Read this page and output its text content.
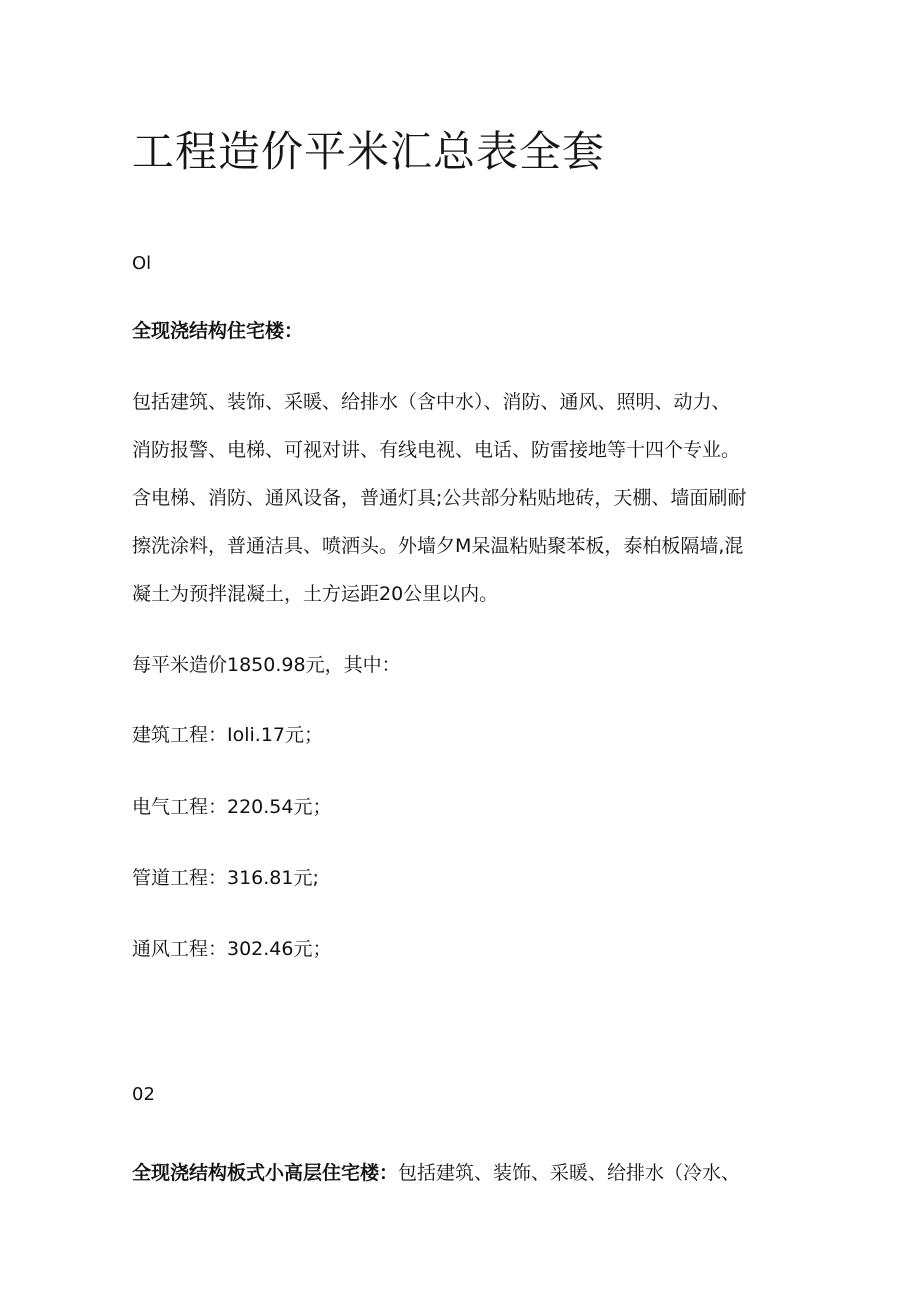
工程造价平米汇总表全套
Ol
全现浇结构住宅楼：
包括建筑、装饰、采暖、给排水（含中水）、消防、通风、照明、动力、
消防报警、电梯、可视对讲、有线电视、电话、防雷接地等十四个专业。
含电梯、消防、通风设备，普通灯具;公共部分粘贴地砖，天棚、墙面刷耐
擦洗涂料，普通洁具、喷洒头。外墙夕M呆温粘贴聚苯板，泰柏板隔墙,混
凝土为预拌混凝土，土方运距20公里以内。
每平米造价1850.98元，其中：
建筑工程：Ioli.17元；
电气工程：220.54元；
管道工程：316.81元;
通风工程：302.46元；
02
全现浇结构板式小高层住宅楼：包括建筑、装饰、采暖、给排水（冷水、
